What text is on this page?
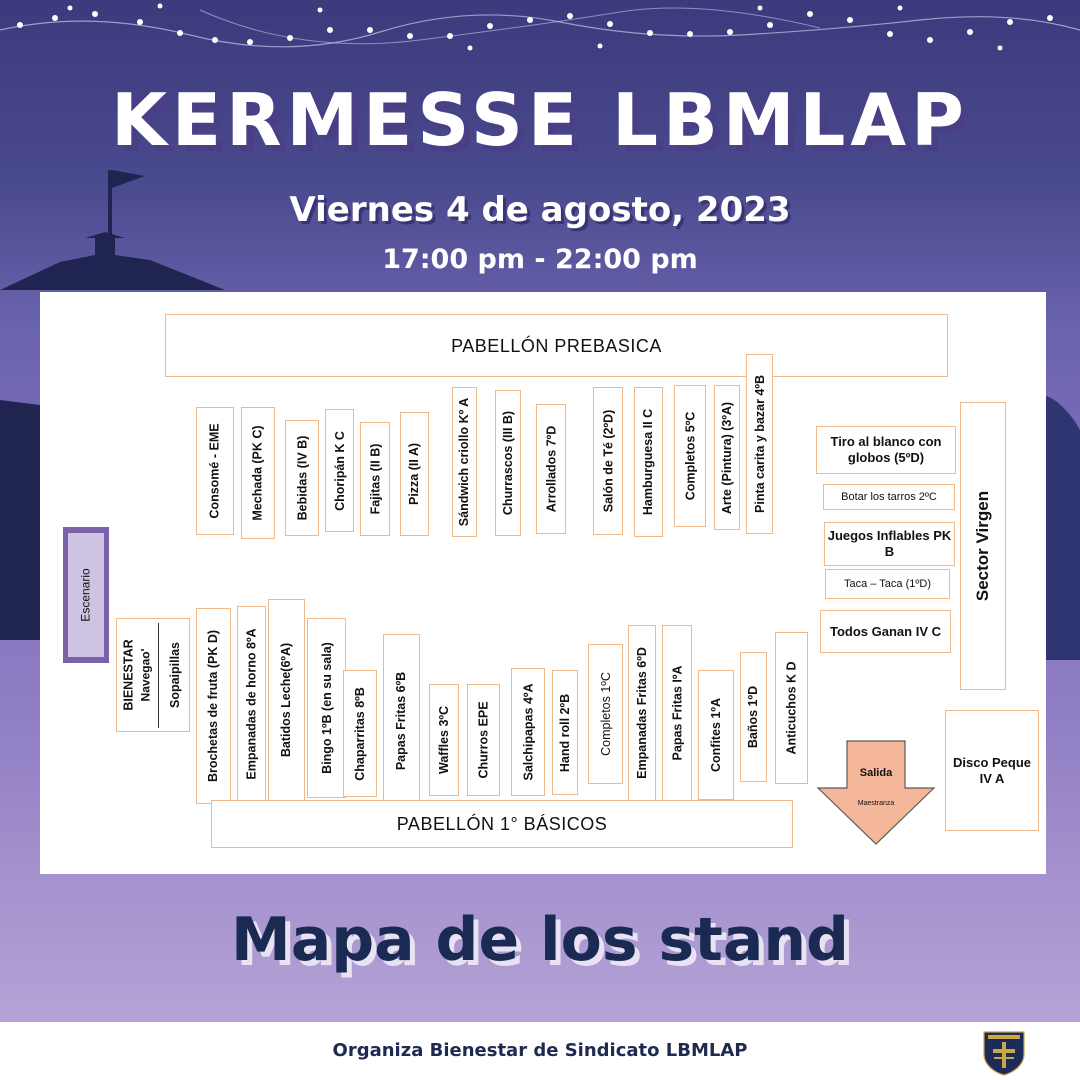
KERMESSE LBMLAP
Viernes 4 de agosto, 2023
17:00 pm - 22:00 pm
PABELLÓN PREBASICA
Consomé - EME Mechada (PK C) Bebidas (IV B) Choripán K C Fajitas (II B) Pizza (II A)	Sándwich criollo Kº A Churrascos (III B) Arrollados 7ºD	Salón de Té (2ºD) Hamburguesa II C Completos 5ºC Arte (Pintura) (3ºA) Pinta carita y bazar 4ºB
Escenario
BIENESTAR Navegao' Sopaipillas Brochetas de fruta (PK D) Empanadas de horno 8ºA Batidos Leche(6ºA) Bingo 1ºB (en su sala) Chaparritas 8ºB Papas Fritas 6ºB Waffles 3ºC Churros EPE Salchipapas 4ºA Hand roll 2ºB Completos 1ºC Empanadas Fritas 6ºD Papas Fritas IºA Confites 1ºA Baños 1ºD Anticuchos K D
PABELLÓN 1° BÁSICOS
Tiro al blanco con globos (5ºD)
Botar los tarros 2ºC
Juegos Inflables PK B
Taca – Taca (1ºD)
Todos Ganan IV C
Sector Virgen
Disco Peque IV A
Salida
Maestranza
Mapa de los stand
Organiza Bienestar de Sindicato LBMLAP
